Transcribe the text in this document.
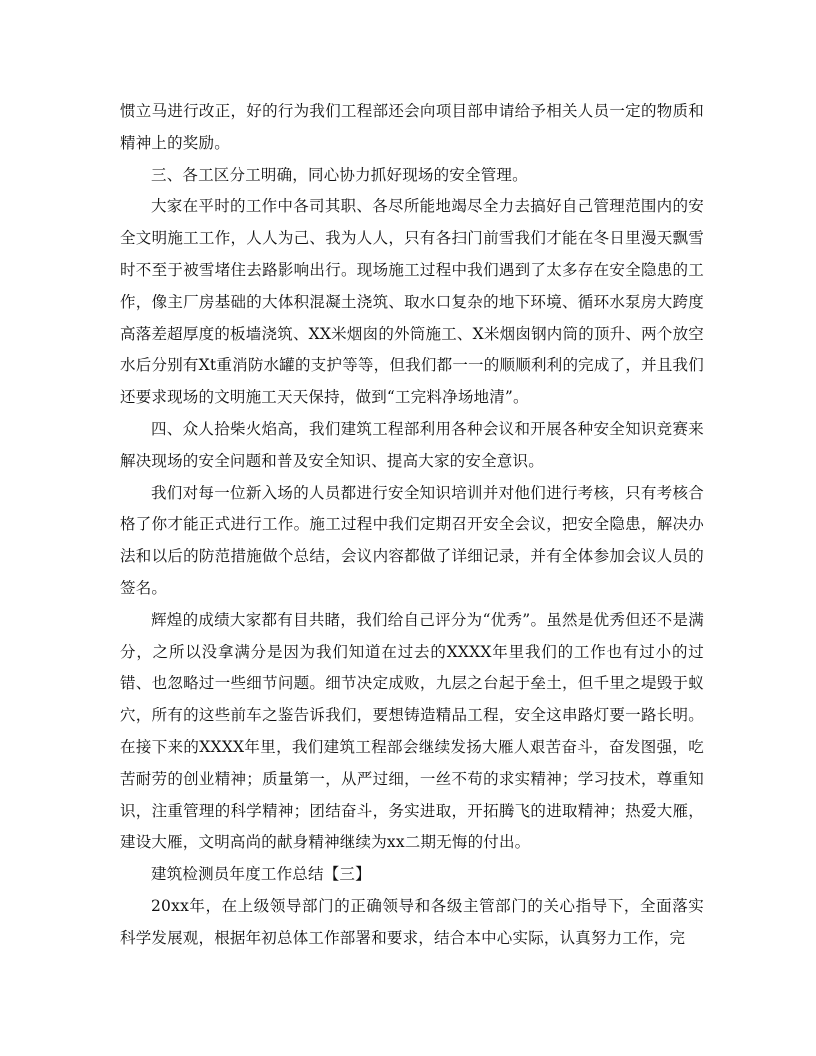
惯立马进行改正，好的行为我们工程部还会向项目部申请给予相关人员一定的物质和精神上的奖励。

三、各工区分工明确，同心协力抓好现场的安全管理。

大家在平时的工作中各司其职、各尽所能地竭尽全力去搞好自己管理范围内的安全文明施工工作，人人为己、我为人人，只有各扫门前雪我们才能在冬日里漫天飘雪时不至于被雪堵住去路影响出行。现场施工过程中我们遇到了太多存在安全隐患的工作，像主厂房基础的大体积混凝土浇筑、取水口复杂的地下环境、循环水泵房大跨度高落差超厚度的板墙浇筑、XX米烟囱的外筒施工、X米烟囱钢内筒的顶升、两个放空水后分别有Xt重消防水罐的支护等等，但我们都一一的顺顺利利的完成了，并且我们还要求现场的文明施工天天保持，做到“工完料净场地清”。

四、众人拾柴火焰高，我们建筑工程部利用各种会议和开展各种安全知识竞赛来解决现场的安全问题和普及安全知识、提高大家的安全意识。

我们对每一位新入场的人员都进行安全知识培训并对他们进行考核，只有考核合格了你才能正式进行工作。施工过程中我们定期召开安全会议，把安全隐患，解决办法和以后的防范措施做个总结，会议内容都做了详细记录，并有全体参加会议人员的签名。

辉煌的成绩大家都有目共睹，我们给自己评分为“优秀”。虽然是优秀但还不是满分，之所以没拿满分是因为我们知道在过去的XXXX年里我们的工作也有过小的过错、也忽略过一些细节问题。细节决定成败，九层之台起于垒土，但千里之堤毁于蚁穴，所有的这些前车之鉴告诉我们，要想铸造精品工程，安全这串路灯要一路长明。在接下来的XXXX年里，我们建筑工程部会继续发扬大雁人艰苦奋斗，奋发图强，吃苦耐劳的创业精神；质量第一，从严过细，一丝不苟的求实精神；学习技术，尊重知识，注重管理的科学精神；团结奋斗，务实进取，开拓腾飞的进取精神；热爱大雁，建设大雁，文明高尚的献身精神继续为xx二期无悔的付出。

建筑检测员年度工作总结【三】

20xx年，在上级领导部门的正确领导和各级主管部门的关心指导下，全面落实科学发展观，根据年初总体工作部署和要求，结合本中心实际，认真努力工作，完
